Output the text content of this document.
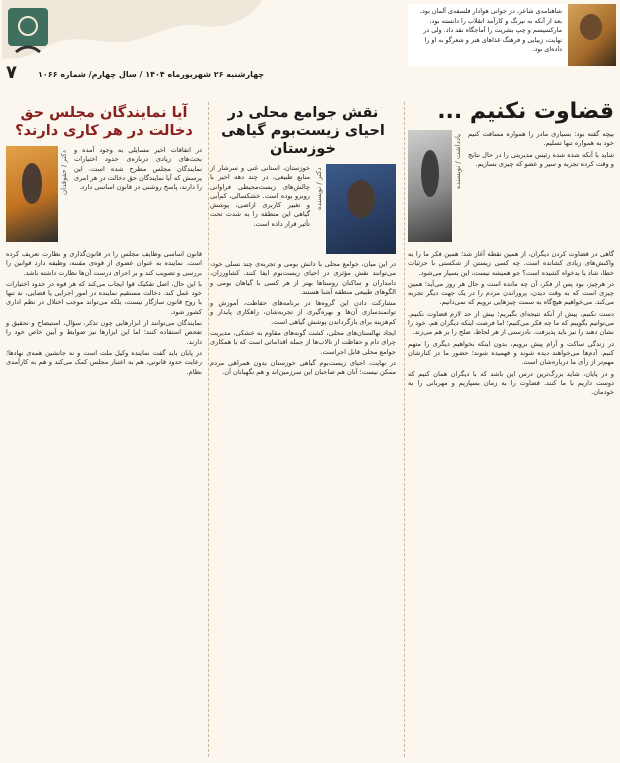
۷	چهارشنبه ۲۶ شهریورماه ۱۴۰۴ / سال چهارم/ شماره ۱۰۶۶
شاهنامه‌ی شاعر، در جوانی هوادار فلسفه‌ی آلمان بود، بعد از آنکه به نیرنگ و کارآمد انقلاب را دانسته بود، مارکسیسم و چپ بشریت را آماجگاه نقد داد. ولی در نهایت، زیبایی و فرهنگ غذاهای هنر و شعرگو به او را داده‌ای بود.
قضاوت نکنیم ...
یادداشت / نویسنده بیچه گفته بود: بسیاری مادر را همواره مسافت کنیم خود به همواره تنها تسلیم.

شاید با آنکه شده شده رئیس مدیریتی را در حال نتایج و وقت کرده تجربه و سیر و عضو که چیزی بسازیم.

گاهی در قضاوت کردن دیگران، از همین نقطه آغاز شد؛ همین فکر ما را به واکنش‌های زیادی کشانده است. چه کسی زیستن از شکستی با جزئیات خطا، شاد یا بدخواه کشیده است؟ جو همیشه نیست، این بسیار می‌شود.

در هرچیز، بود پس از فکر، آن چه مانده است و حال هر روز می‌آید؛ همین چیزی است که به وقت دیدن، پروراندن مردم را در یک جهت دیگر تجربه می‌کند. می‌خواهیم هیچ‌گاه به سمت چیزهایی نرویم که نمی‌دانیم.

دست نکنیم، پیش از آنکه نتیجه‌ای بگیریم؛ بیش از حد لازم قضاوت نکنیم. می‌توانیم بگوییم که ما چه فکر می‌کنیم؛ اما فرصت اینکه دیگران هم، خود را نشان دهند را نیز باید پذیرفت. نادرستی از هر لحاظ، صلح را بر هم می‌زند.

در زندگی ساکت و آرام پیش برویم، بدون اینکه بخواهیم دیگری را متهم کنیم. آدم‌ها می‌خواهند دیده شوند و فهمیده شوند؛ حضور ما در کنارشان مهم‌تر از رأی ما درباره‌شان است.

و در پایان، شاید بزرگ‌ترین درس این باشد که با دیگران همان کنیم که دوست داریم با ما کنند. قضاوت را به زمان بسپاریم و مهربانی را به خودمان.

نقش جوامع محلی در احیای زیست‌بوم گیاهی خوزستان
دکتر / نویسنده

خوزستان، استانی غنی و سرشار از منابع طبیعی، در چند دهه اخیر با چالش‌های زیست‌محیطی فراوانی روبرو بوده است. خشکسالی، کم‌آبی و تغییر کاربری اراضی، پوشش گیاهی این منطقه را به شدت تحت تأثیر قرار داده است.

در این میان، جوامع محلی با دانش بومی و تجربه‌ی چند نسلی خود، می‌توانند نقش مؤثری در احیای زیست‌بوم ایفا کنند. کشاورزان، دامداران و ساکنان روستاها بهتر از هر کسی با گیاهان بومی و الگوهای طبیعی منطقه آشنا هستند.

مشارکت دادن این گروه‌ها در برنامه‌های حفاظت، آموزش و توانمندسازی آن‌ها و بهره‌گیری از تجربه‌شان، راهکاری پایدار و کم‌هزینه برای بازگرداندن پوشش گیاهی است.

ایجاد نهالستان‌های محلی، کشت گونه‌های مقاوم به خشکی، مدیریت چرای دام و حفاظت از تالاب‌ها از جمله اقداماتی است که با همکاری جوامع محلی قابل اجراست.

در نهایت، احیای زیست‌بوم گیاهی خوزستان بدون همراهی مردم ممکن نیست؛ آنان هم صاحبان این سرزمین‌اند و هم نگهبانان آن.

آیا نمایندگان مجلس حق دخالت در هر کاری دارند؟
دکتر / حقوقدان در اتفاقات اخیر مسایلی به وجود آمده و بحث‌های زیادی درباره‌ی حدود اختیارات نمایندگان مجلس مطرح شده است. این پرسش که آیا نمایندگان حق دخالت در هر امری را دارند، پاسخ روشنی در قانون اساسی دارد.

قانون اساسی وظایف مجلس را در قانون‌گذاری و نظارت تعریف کرده است. نماینده به عنوان عضوی از قوه‌ی مقننه، وظیفه دارد قوانین را بررسی و تصویب کند و بر اجرای درست آن‌ها نظارت داشته باشد.

با این حال، اصل تفکیک قوا ایجاب می‌کند که هر قوه در حدود اختیارات خود عمل کند. دخالت مستقیم نماینده در امور اجرایی یا قضایی، نه تنها با روح قانون سازگار نیست، بلکه می‌تواند موجب اختلال در نظم اداری کشور شود.

نمایندگان می‌توانند از ابزارهایی چون تذکر، سؤال، استیضاح و تحقیق و تفحص استفاده کنند؛ اما این ابزارها نیز ضوابط و آیین خاص خود را دارند.

در پایان باید گفت نماینده وکیل ملت است و نه جانشین همه‌ی نهادها؛ رعایت حدود قانونی، هم به اعتبار مجلس کمک می‌کند و هم به کارآمدی نظام.
